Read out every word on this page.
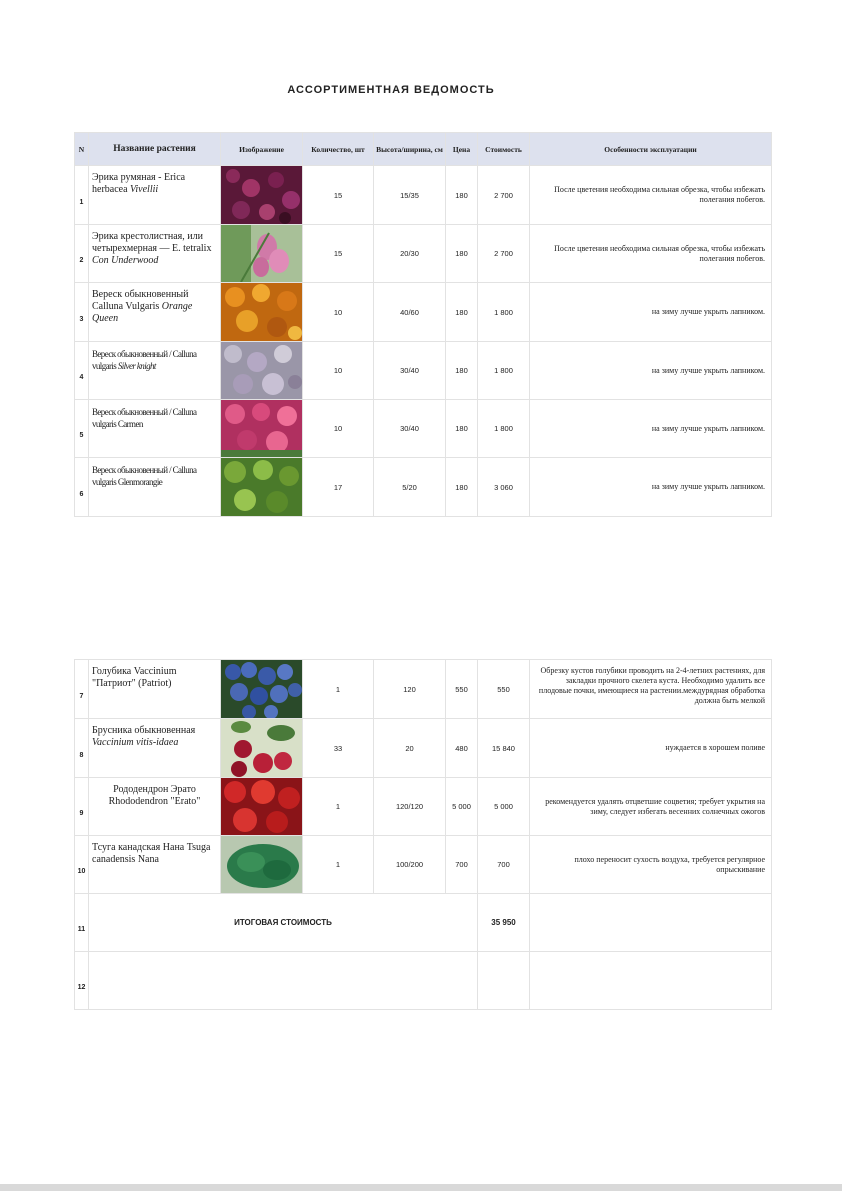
АССОРТИМЕНТНАЯ ВЕДОМОСТЬ
N	Название растения	Изображение	Количество, шт	Высота/ширина, см	Цена	Стоимость	Особенности эксплуатации
1	Эрика румяная - Erica herbacea Vivellii		15	15/35	180	2 700	После цветения необходима сильная обрезка, чтобы избежать полегания побегов.
2	Эрика крестолистная, или четырехмерная — E. tetralix Con Underwood		15	20/30	180	2 700	После цветения необходима сильная обрезка, чтобы избежать полегания побегов.
3	Вереск обыкновенный Calluna Vulgaris Orange Queen		10	40/60	180	1 800	на зиму лучше укрыть лапником.
4	Вереск обыкновенный / Calluna vulgaris Silver knight		10	30/40	180	1 800	на зиму лучше укрыть лапником.
5	Вереск обыкновенный / Calluna vulgaris Carmen		10	30/40	180	1 800	на зиму лучше укрыть лапником.
6	Вереск обыкновенный / Calluna vulgaris Glenmorangie		17	5/20	180	3 060	на зиму лучше укрыть лапником.
7	Голубика Vaccinium "Патриот" (Patriot)		1	120	550	550	Обрезку кустов голубики проводить на 2-4-летних растениях, для закладки прочного скелета куста. Необходимо удалить все плодовые почки, имеющиеся на растении.междурядная обработка должна быть мелкой
8	Брусника обыкновенная Vaccinium vitis-idaea		33	20	480	15 840	нуждается в хорошем поливе
9	Рододендрон Эрато Rhododendron "Erato"		1	120/120	5 000	5 000	рекомендуется удалять отцветшие соцветия; требует укрытия на зиму, следует избегать весенних солнечных ожогов
10	Тсуга канадская Нана Tsuga canadensis Nana		1	100/200	700	700	плохо переносит сухость воздуха, требуется регулярное опрыскивание
11	ИТОГОВАЯ СТОИМОСТЬ					35 950	
12							
